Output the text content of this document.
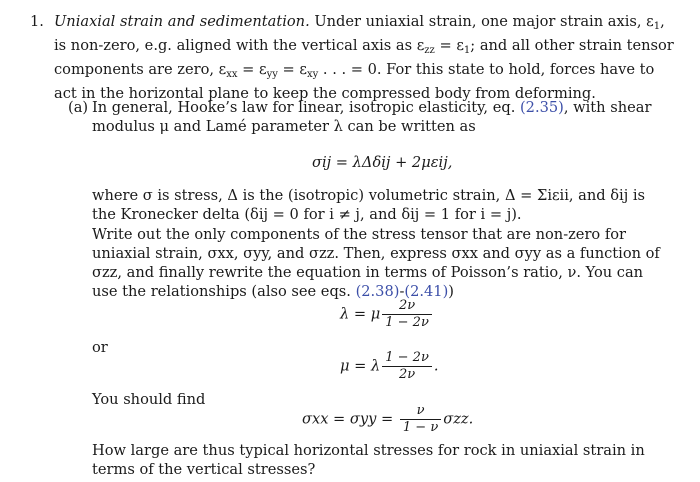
1. Uniaxial strain and sedimentation. Under uniaxial strain, one major strain axis, $\varepsilon_1$, is non-zero, e.g. aligned with the vertical axis as $\varepsilon_{zz} = \varepsilon_1$; and all other strain tensor components are zero, $\varepsilon_{xx} = \varepsilon_{yy} = \varepsilon_{xy}$ . . . = 0. For this state to hold, forces have to act in the horizontal plane to keep the compressed body from deforming.

(a) In general, Hooke’s law for linear, isotropic elasticity, eq. (2.35), with shear modulus μ and Lamé parameter λ can be written as

σij = λΔδij + 2μεij,

where σ is stress, Δ is the (isotropic) volumetric strain, Δ = Σiεii, and δij is the Kronecker delta (δij = 0 for i ≠ j, and δij = 1 for i = j).

Write out the only components of the stress tensor that are non-zero for uniaxial strain, σxx, σyy, and σzz. Then, express σxx and σyy as a function of σzz, and finally rewrite the equation in terms of Poisson’s ratio, ν. You can use the relationships (also see eqs. (2.38)-(2.41))

λ = μ $\frac{2\nu}{1 - 2\nu}$
or
μ = λ $\frac{1 - 2\nu}{2\nu}$ .
You should find
$\sigma xx = \sigma yy = \frac{\nu}{1 - \nu} \sigma zz$.

How large are thus typical horizontal stresses for rock in uniaxial strain in terms of the vertical stresses?
